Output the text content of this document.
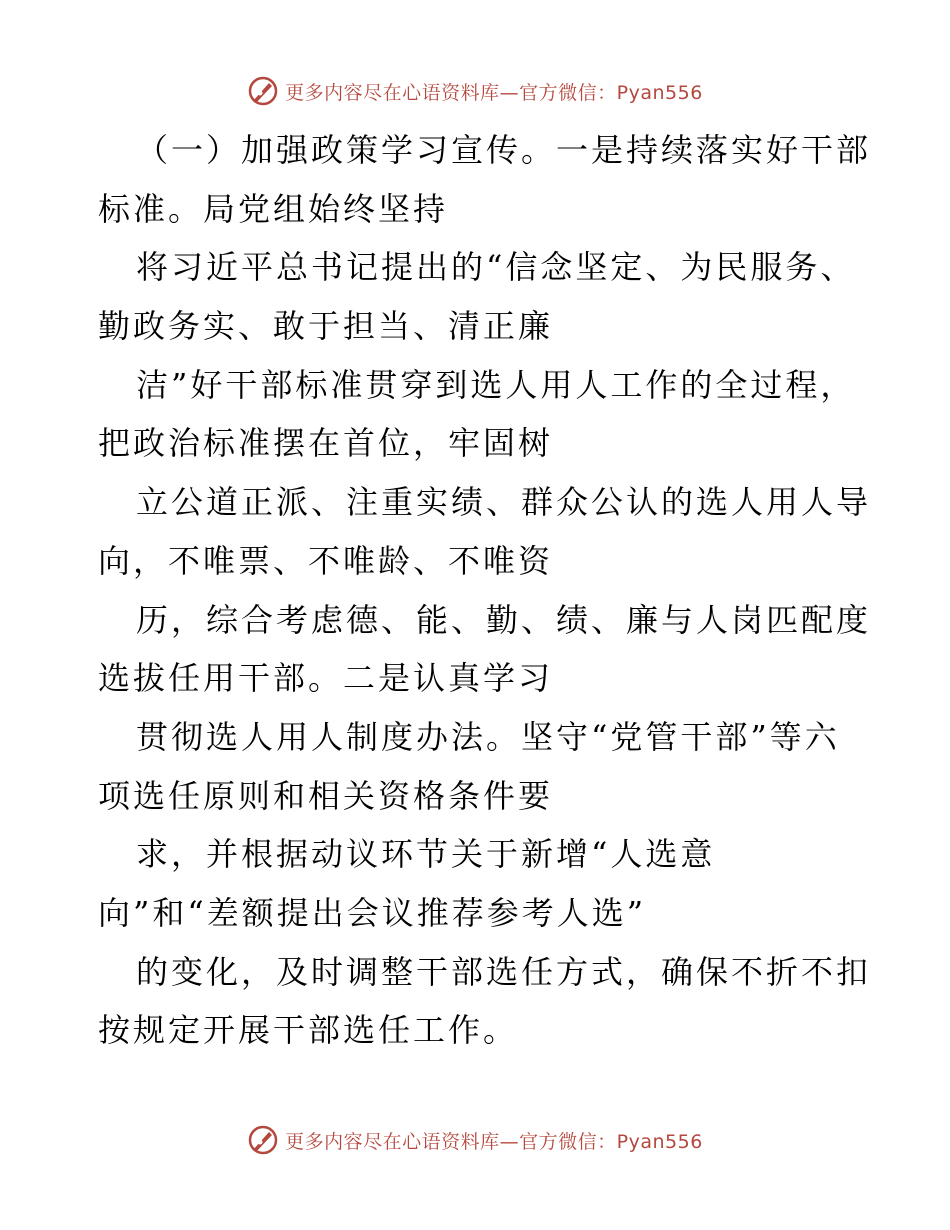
更多内容尽在心语资料库—官方微信：Pyan556
（一）加强政策学习宣传。一是持续落实好干部
标准。局党组始终坚持
将习近平总书记提出的“信念坚定、为民服务、
勤政务实、敢于担当、清正廉
洁”好干部标准贯穿到选人用人工作的全过程，
把政治标准摆在首位，牢固树
立公道正派、注重实绩、群众公认的选人用人导
向，不唯票、不唯龄、不唯资
历，综合考虑德、能、勤、绩、廉与人岗匹配度
选拔任用干部。二是认真学习
贯彻选人用人制度办法。坚守“党管干部”等六
项选任原则和相关资格条件要
求，并根据动议环节关于新增“人选意
向”和“差额提出会议推荐参考人选”
的变化，及时调整干部选任方式，确保不折不扣
按规定开展干部选任工作。
更多内容尽在心语资料库—官方微信：Pyan556
